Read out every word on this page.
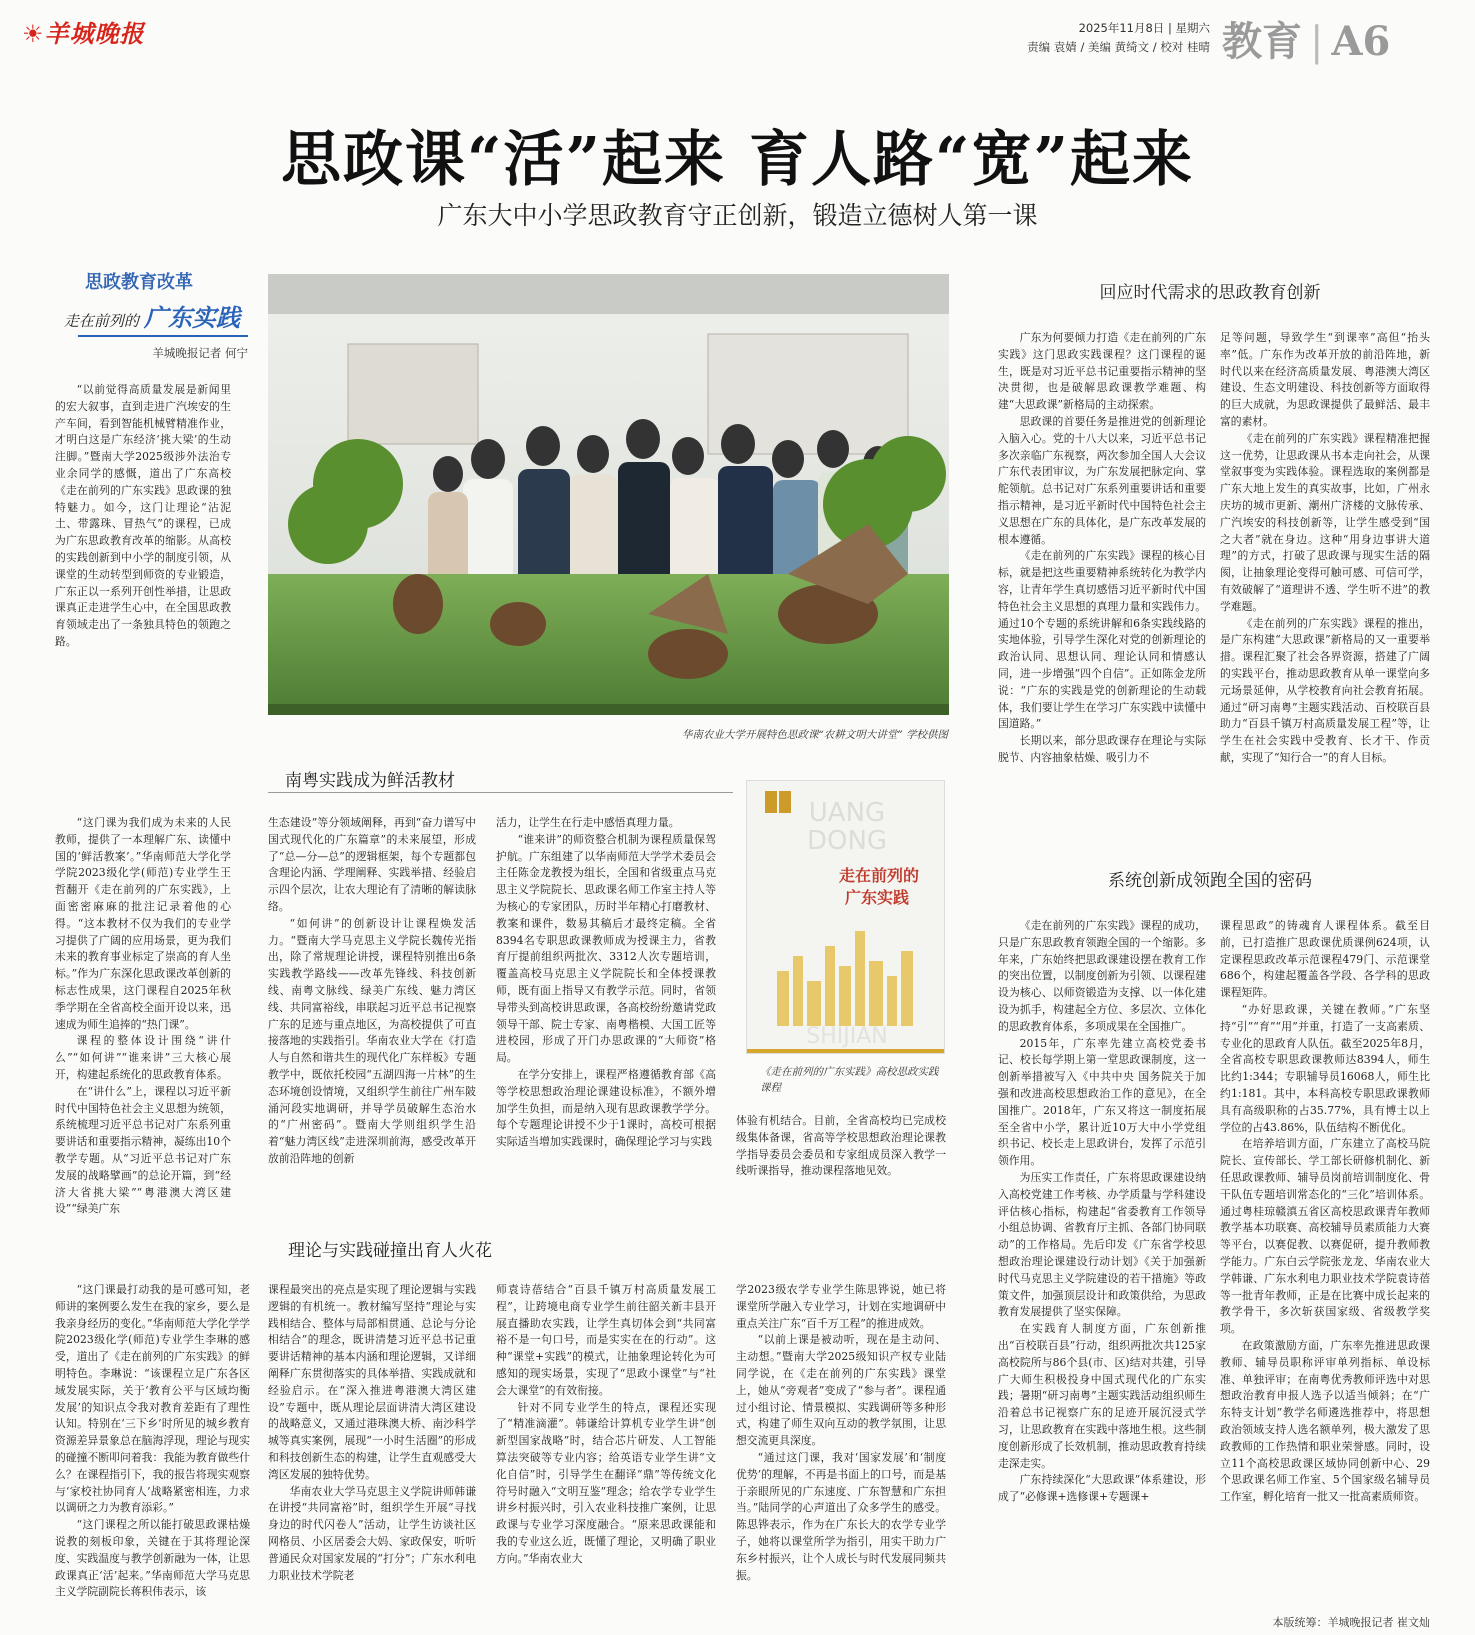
☀羊城晚报	2025年11月8日 | 星期六
责编 袁婧 / 美编 黄绮文 / 校对 桂晴 教育 | A6
思政课“活”起来 育人路“宽”起来
广东大中小学思政教育守正创新，锻造立德树人第一课
思政教育改革
走在前列的 广东实践
羊城晚报记者 何宁

“以前觉得高质量发展是新闻里的宏大叙事，直到走进广汽埃安的生产车间，看到智能机械臂精准作业，才明白这是广东经济‘挑大梁’的生动注脚。”暨南大学2025级涉外法治专业余同学的感慨，道出了广东高校《走在前列的广东实践》思政课的独特魅力。如今，这门让理论“沾泥土、带露珠、冒热气”的课程，已成为广东思政教育改革的缩影。从高校的实践创新到中小学的制度引领，从课堂的生动转型到师资的专业锻造，广东正以一系列开创性举措，让思政课真正走进学生心中，在全国思政教育领域走出了一条独具特色的领跑之路。

华南农业大学开展特色思政课“农耕文明大讲堂” 学校供图
UANG
DONG
SHIJIAN
走在前列的
广东实践
《走在前列的广东实践》高校思政实践课程
南粤实践成为鲜活教材

“这门课为我们成为未来的人民教师，提供了一本理解广东、读懂中国的‘鲜活教案’。”华南师范大学化学学院2023级化学(师范)专业学生王哲翻开《走在前列的广东实践》，上面密密麻麻的批注记录着他的心得。“这本教材不仅为我们的专业学习提供了广阔的应用场景，更为我们未来的教育事业标定了崇高的育人坐标。”作为广东深化思政课改革创新的标志性成果，这门课程自2025年秋季学期在全省高校全面开设以来，迅速成为师生追捧的“热门课”。

课程的整体设计围绕“讲什么”“如何讲”“谁来讲”三大核心展开，构建起系统化的思政教育体系。

在“讲什么”上，课程以习近平新时代中国特色社会主义思想为统领，系统梳理习近平总书记对广东系列重要讲话和重要指示精神，凝练出10个教学专题。从“习近平总书记对广东发展的战略擘画”的总论开篇，到“经济大省挑大梁”“粤港澳大湾区建设”“绿美广东

生态建设”等分领域阐释，再到“奋力谱写中国式现代化的广东篇章”的未来展望，形成了“总—分—总”的逻辑框架，每个专题都包含理论内涵、学理阐释、实践举措、经验启示四个层次，让农大理论有了清晰的解读脉络。

“如何讲”的创新设计让课程焕发活力。“暨南大学马克思主义学院长魏传光指出，除了常规理论讲授，课程特别推出6条实践教学路线——改革先锋线、科技创新线、南粤文脉线、绿美广东线、魅力湾区线、共同富裕线，串联起习近平总书记视察广东的足迹与重点地区，为高校提供了可直接落地的实践指引。华南农业大学在《打造人与自然和谐共生的现代化广东样板》专题教学中，既依托校园“五湖四海一片林”的生态环境创设情境，又组织学生前往广州车陂涌河段实地调研，并导学员破解生态治水的“广州密码”。暨南大学则组织学生沿着“魅力湾区线”走进深圳前海，感受改革开放前沿阵地的创新

活力，让学生在行走中感悟真理力量。

“谁来讲”的师资整合机制为课程质量保驾护航。广东组建了以华南师范大学学术委员会主任陈金龙教授为组长，全国和省级重点马克思主义学院院长、思政课名师工作室主持人等为核心的专家团队，历时半年精心打磨教材、教案和课件，数易其稿后才最终定稿。全省8394名专职思政课教师成为授课主力，省教育厅提前组织两批次、3312人次专题培训，覆盖高校马克思主义学院院长和全体授课教师，既有面上指导又有教学示范。同时，省领导带头到高校讲思政课，各高校纷纷邀请党政领导干部、院士专家、南粤楷模、大国工匠等进校园，形成了开门办思政课的“大师资”格局。

在学分安排上，课程严格遵循教育部《高等学校思想政治理论课建设标准》，不额外增加学生负担，而是纳入现有思政课教学学分。每个专题理论讲授不少于1课时，高校可根据实际适当增加实践课时，确保理论学习与实践

体验有机结合。目前，全省高校均已完成校级集体备课，省高等学校思想政治理论课教学指导委员会委员和专家组成员深入教学一线听课指导，推动课程落地见效。

理论与实践碰撞出育人火花

“这门课最打动我的是可感可知，老师讲的案例要么发生在我的家乡，要么是我亲身经历的变化。”华南师范大学化学学院2023级化学(师范)专业学生李琳的感受，道出了《走在前列的广东实践》的鲜明特色。李琳说：“该课程立足广东各区域发展实际，关于‘教育公平与区域均衡发展’的知识点令我对教育差距有了理性认知。特别在‘三下乡’时所见的城乡教育资源差异景象总在脑海浮现，理论与现实的碰撞不断叩问着我：我能为教育做些什么？在课程指引下，我的报告将现实观察与‘家校社协同育人’战略紧密相连，力求以调研之力为教育添彩。”

“这门课程之所以能打破思政课枯燥说教的刻板印象，关键在于其将理论深度、实践温度与教学创新融为一体，让思政课真正‘活’起来。”华南师范大学马克思主义学院副院长蒋积伟表示，该

课程最突出的亮点是实现了理论逻辑与实践逻辑的有机统一。教材编写坚持“理论与实践相结合、整体与局部相贯通、总论与分论相结合”的理念，既讲清楚习近平总书记重要讲话精神的基本内涵和理论逻辑，又详细阐释广东贯彻落实的具体举措、实践成就和经验启示。在“深入推进粤港澳大湾区建设”专题中，既从理论层面讲清大湾区建设的战略意义，又通过港珠澳大桥、南沙科学城等真实案例，展现“一小时生活圈”的形成和科技创新生态的构建，让学生直观感受大湾区发展的独特优势。

华南农业大学马克思主义学院讲师韩谦在讲授“共同富裕”时，组织学生开展“寻找身边的时代闪卷人”活动，让学生访谈社区网格员、小区居委会大妈、家政保安，听听普通民众对国家发展的“打分”；广东水利电力职业技术学院老

师袁诗蓓结合“百县千镇万村高质量发展工程”，让跨境电商专业学生前往韶关新丰县开展直播助农实践，让学生真切体会到“共同富裕不是一句口号，而是实实在在的行动”。这种“课堂+实践”的模式，让抽象理论转化为可感知的现实场景，实现了“思政小课堂”与“社会大课堂”的有效衔接。

针对不同专业学生的特点，课程还实现了“精准滴灌”。韩谦给计算机专业学生讲“创新型国家战略”时，结合芯片研发、人工智能算法突破等专业内容；给英语专业学生讲“文化自信”时，引导学生在翻译“鼎”等传统文化符号时融入“文明互鉴”理念；给农学专业学生讲乡村振兴时，引入农业科技推广案例，让思政课与专业学习深度融合。“原来思政课能和我的专业这么近，既懂了理论，又明确了职业方向。”华南农业大

学2023级农学专业学生陈思铧说，她已将课堂所学融入专业学习，计划在实地调研中重点关注广东“百千万工程”的推进成效。

“以前上课是被动听，现在是主动问、主动想。”暨南大学2025级知识产权专业陆同学说，在《走在前列的广东实践》课堂上，她从“旁观者”变成了“参与者”。课程通过小组讨论、情景模拟、实践调研等多种形式，构建了师生双向互动的教学氛围，让思想交流更具深度。

“通过这门课，我对‘国家发展’和‘制度优势’的理解，不再是书面上的口号，而是基于亲眼所见的广东速度、广东智慧和广东担当。”陆同学的心声道出了众多学生的感受。陈思铧表示，作为在广东长大的农学专业学子，她将以课堂所学为指引，用实干助力广东乡村振兴，让个人成长与时代发展同频共振。

回应时代需求的思政教育创新

广东为何要倾力打造《走在前列的广东实践》这门思政实践课程？这门课程的诞生，既是对习近平总书记重要指示精神的坚决贯彻，也是破解思政课教学难题、构建“大思政课”新格局的主动探索。

思政课的首要任务是推进党的创新理论入脑入心。党的十八大以来，习近平总书记多次亲临广东视察，两次参加全国人大会议广东代表团审议，为广东发展把脉定向、掌舵领航。总书记对广东系列重要讲话和重要指示精神，是习近平新时代中国特色社会主义思想在广东的具体化，是广东改革发展的根本遵循。

《走在前列的广东实践》课程的核心目标，就是把这些重要精神系统转化为教学内容，让青年学生真切感悟习近平新时代中国特色社会主义思想的真理力量和实践伟力。通过10个专题的系统讲解和6条实践线路的实地体验，引导学生深化对党的创新理论的政治认同、思想认同、理论认同和情感认同，进一步增强“四个自信”。正如陈金龙所说：“广东的实践是党的创新理论的生动载体，我们要让学生在学习广东实践中读懂中国道路。”

长期以来，部分思政课存在理论与实际脱节、内容抽象枯燥、吸引力不

足等问题，导致学生“到课率”高但“抬头率”低。广东作为改革开放的前沿阵地，新时代以来在经济高质量发展、粤港澳大湾区建设、生态文明建设、科技创新等方面取得的巨大成就，为思政课提供了最鲜活、最丰富的素材。

《走在前列的广东实践》课程精准把握这一优势，让思政课从书本走向社会，从课堂叙事变为实践体验。课程选取的案例都是广东大地上发生的真实故事，比如，广州永庆坊的城市更新、潮州广济楼的文脉传承、广汽埃安的科技创新等，让学生感受到“国之大者”就在身边。这种“用身边事讲大道理”的方式，打破了思政课与现实生活的隔阂，让抽象理论变得可触可感、可信可学，有效破解了“道理讲不透、学生听不进”的教学难题。

《走在前列的广东实践》课程的推出，是广东构建“大思政课”新格局的又一重要举措。课程汇聚了社会各界资源，搭建了广阔的实践平台，推动思政教育从单一课堂向多元场景延伸，从学校教育向社会教育拓展。通过“研习南粤”主题实践活动、百校联百县助力“百县千镇万村高质量发展工程”等，让学生在社会实践中受教育、长才干、作贡献，实现了“知行合一”的育人目标。

系统创新成领跑全国的密码

《走在前列的广东实践》课程的成功，只是广东思政教育领跑全国的一个缩影。多年来，广东始终把思政课建设摆在教育工作的突出位置，以制度创新为引领、以课程建设为核心、以师资锻造为支撑、以一体化建设为抓手，构建起全方位、多层次、立体化的思政教育体系，多项成果在全国推广。

2015年，广东率先建立高校党委书记、校长每学期上第一堂思政课制度，这一创新举措被写入《中共中央 国务院关于加强和改进高校思想政治工作的意见》，在全国推广。2018年，广东又将这一制度拓展至全省中小学，累计近10万大中小学党组织书记、校长走上思政讲台，发挥了示范引领作用。

为压实工作责任，广东将思政课建设纳入高校党建工作考核、办学质量与学科建设评估核心指标，构建起“省委教育工作领导小组总协调、省教育厅主抓、各部门协同联动”的工作格局。先后印发《广东省学校思想政治理论课建设行动计划》《关于加强新时代马克思主义学院建设的若干措施》等政策文件，加强顶层设计和政策供给，为思政教育发展提供了坚实保障。

在实践育人制度方面，广东创新推出“百校联百县”行动，组织两批次共125家高校院所与86个县(市、区)结对共建，引导广大师生积极投身中国式现代化的广东实践；暑期“研习南粤”主题实践活动组织师生沿着总书记视察广东的足迹开展沉浸式学习，让思政教育在实践中落地生根。这些制度创新形成了长效机制，推动思政教育持续走深走实。

广东持续深化“大思政课”体系建设，形成了“必修课+选修课+专题课+

课程思政”的铸魂育人课程体系。截至目前，已打造推广思政课优质课例624项，认定课程思政改革示范课程479门、示范课堂686个，构建起覆盖各学段、各学科的思政课程矩阵。

“办好思政课，关键在教师。”广东坚持“引”“育”“用”并重，打造了一支高素质、专业化的思政育人队伍。截至2025年8月，全省高校专职思政课教师达8394人，师生比约1:344；专职辅导员16068人，师生比约1:181。其中，本科高校专职思政课教师具有高级职称的占35.77%，具有博士以上学位的占43.86%，队伍结构不断优化。

在培养培训方面，广东建立了高校马院院长、宣传部长、学工部长研修机制化、新任思政课教师、辅导员岗前培训制度化、骨干队伍专题培训常态化的“三化”培训体系。通过粤桂琼赣滇五省区高校思政课青年教师教学基本功联赛、高校辅导员素质能力大赛等平台，以赛促教、以赛促研，提升教师教学能力。广东白云学院张龙龙、华南农业大学韩谦、广东水利电力职业技术学院袁诗蓓等一批青年教师，正是在比赛中成长起来的教学骨干，多次斩获国家级、省级教学奖项。

在政策激励方面，广东率先推进思政课教师、辅导员职称评审单列指标、单设标准、单独评审；在南粤优秀教师评选中对思想政治教育申报人选予以适当倾斜；在“广东特支计划”教学名师遴选推荐中，将思想政治领域支持人选名额单列，极大激发了思政教师的工作热情和职业荣誉感。同时，设立11个高校思政课区域协同创新中心、29个思政课名师工作室、5个国家级名辅导员工作室，孵化培育一批又一批高素质师资。

本版统筹：羊城晚报记者 崔文灿
